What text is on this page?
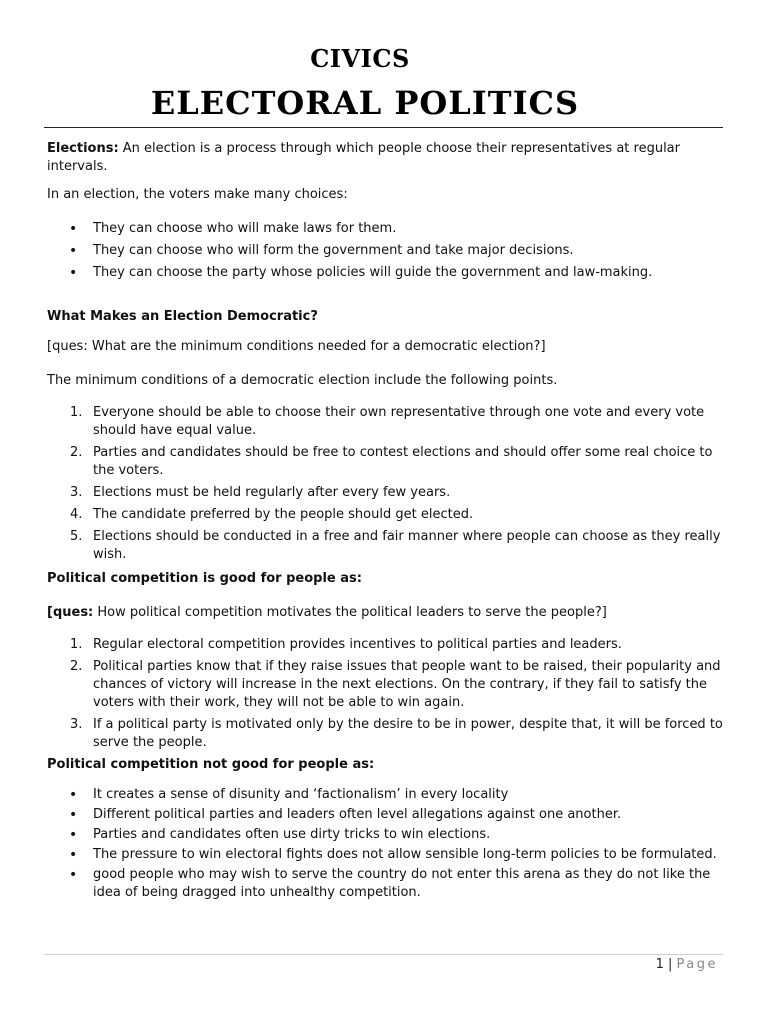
CIVICS
ELECTORAL POLITICS

Elections: An election is a process through which people choose their representatives at regular intervals.

In an election, the voters make many choices:

• They can choose who will make laws for them.
• They can choose who will form the government and take major decisions.
• They can choose the party whose policies will guide the government and law-making.

What Makes an Election Democratic?

[ques: What are the minimum conditions needed for a democratic election?]

The minimum conditions of a democratic election include the following points.

1. Everyone should be able to choose their own representative through one vote and every vote should have equal value.
2. Parties and candidates should be free to contest elections and should offer some real choice to the voters.
3. Elections must be held regularly after every few years.
4. The candidate preferred by the people should get elected.
5. Elections should be conducted in a free and fair manner where people can choose as they really wish.

Political competition is good for people as:

[ques: How political competition motivates the political leaders to serve the people?]

1. Regular electoral competition provides incentives to political parties and leaders.
2. Political parties know that if they raise issues that people want to be raised, their popularity and chances of victory will increase in the next elections. On the contrary, if they fail to satisfy the voters with their work, they will not be able to win again.
3. If a political party is motivated only by the desire to be in power, despite that, it will be forced to serve the people.

Political competition not good for people as:

• It creates a sense of disunity and ‘factionalism’ in every locality
• Different political parties and leaders often level allegations against one another.
• Parties and candidates often use dirty tricks to win elections.
• The pressure to win electoral fights does not allow sensible long-term policies to be formulated.
• good people who may wish to serve the country do not enter this arena as they do not like the idea of being dragged into unhealthy competition.
1 | Page
